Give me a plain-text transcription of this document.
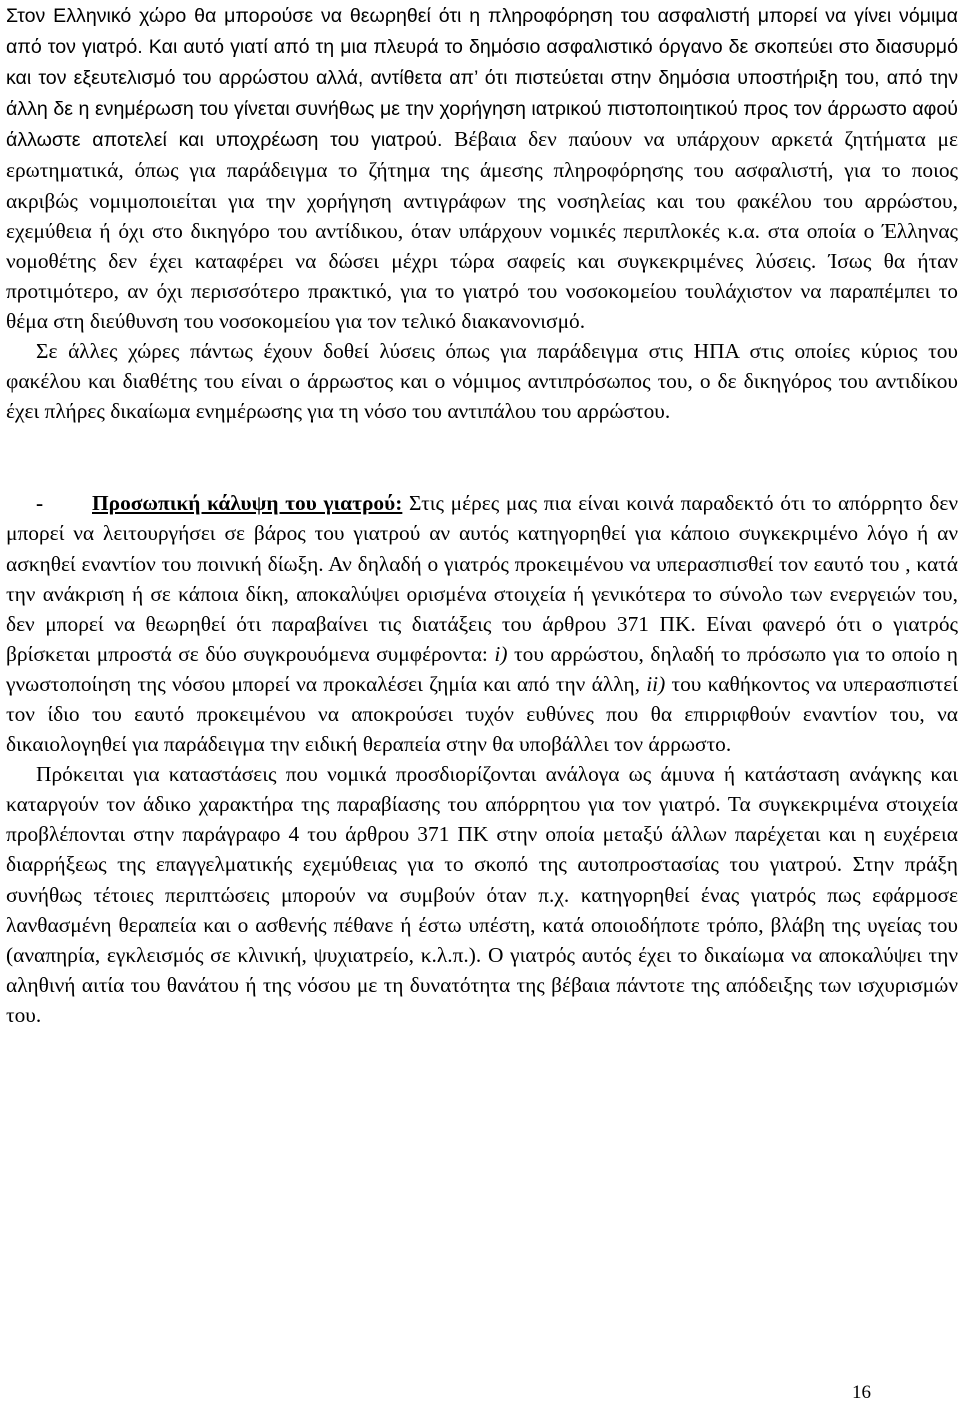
Στον Ελληνικό χώρο θα μπορούσε να θεωρηθεί ότι η πληροφόρηση του ασφαλιστή μπορεί να γίνει νόμιμα από τον γιατρό. Και αυτό γιατί από τη μια πλευρά το δημόσιο ασφαλιστικό όργανο δε σκοπεύει στο διασυρμό και τον εξευτελισμό του αρρώστου αλλά, αντίθετα απ’ ότι πιστεύεται στην δημόσια υποστήριξη του, από την άλλη δε η ενημέρωση του γίνεται συνήθως με την χορήγηση ιατρικού πιστοποιητικού προς τον άρρωστο αφού άλλωστε αποτελεί και υποχρέωση του γιατρού. Βέβαια δεν παύουν να υπάρχουν αρκετά ζητήματα με ερωτηματικά, όπως για παράδειγμα το ζήτημα της άμεσης πληροφόρησης του ασφαλιστή, για το ποιος ακριβώς νομιμοποιείται για την χορήγηση αντιγράφων της νοσηλείας και του φακέλου του αρρώστου, εχεμύθεια ή όχι στο δικηγόρο του αντίδικου, όταν υπάρχουν νομικές περιπλοκές κ.α. στα οποία ο Έλληνας νομοθέτης δεν έχει καταφέρει να δώσει μέχρι τώρα σαφείς και συγκεκριμένες λύσεις. Ίσως θα ήταν προτιμότερο, αν όχι περισσότερο πρακτικό, για το γιατρό του νοσοκομείου τουλάχιστον να παραπέμπει το θέμα στη διεύθυνση του νοσοκομείου για τον τελικό διακανονισμό.

Σε άλλες χώρες πάντως έχουν δοθεί λύσεις όπως για παράδειγμα στις ΗΠΑ στις οποίες κύριος του φακέλου και διαθέτης του είναι ο άρρωστος και ο νόμιμος αντιπρόσωπος του, ο δε δικηγόρος του αντιδίκου έχει πλήρες δικαίωμα ενημέρωσης για τη νόσο του αντιπάλου του αρρώστου.

- Προσωπική κάλυψη του γιατρού: Στις μέρες μας πια είναι κοινά παραδεκτό ότι το απόρρητο δεν μπορεί να λειτουργήσει σε βάρος του γιατρού αν αυτός κατηγορηθεί για κάποιο συγκεκριμένο λόγο ή αν ασκηθεί εναντίον του ποινική δίωξη. Αν δηλαδή ο γιατρός προκειμένου να υπερασπισθεί τον εαυτό του , κατά την ανάκριση ή σε κάποια δίκη, αποκαλύψει ορισμένα στοιχεία ή γενικότερα το σύνολο των ενεργειών του, δεν μπορεί να θεωρηθεί ότι παραβαίνει τις διατάξεις του άρθρου 371 ΠΚ. Είναι φανερό ότι ο γιατρός βρίσκεται μπροστά σε δύο συγκρουόμενα συμφέροντα: i) του αρρώστου, δηλαδή το πρόσωπο για το οποίο η γνωστοποίηση της νόσου μπορεί να προκαλέσει ζημία και από την άλλη, ii) του καθήκοντος να υπερασπιστεί τον ίδιο του εαυτό προκειμένου να αποκρούσει τυχόν ευθύνες που θα επιρριφθούν εναντίον του, να δικαιολογηθεί για παράδειγμα την ειδική θεραπεία στην θα υποβάλλει τον άρρωστο.

Πρόκειται για καταστάσεις που νομικά προσδιορίζονται ανάλογα ως άμυνα ή κατάσταση ανάγκης και καταργούν τον άδικο χαρακτήρα της παραβίασης του απόρρητου για τον γιατρό. Τα συγκεκριμένα στοιχεία προβλέπονται στην παράγραφο 4 του άρθρου 371 ΠΚ στην οποία μεταξύ άλλων παρέχεται και η ευχέρεια διαρρήξεως της επαγγελματικής εχεμύθειας για το σκοπό της αυτοπροστασίας του γιατρού. Στην πράξη συνήθως τέτοιες περιπτώσεις μπορούν να συμβούν όταν π.χ. κατηγορηθεί ένας γιατρός πως εφάρμοσε λανθασμένη θεραπεία και ο ασθενής πέθανε ή έστω υπέστη, κατά οποιοδήποτε τρόπο, βλάβη της υγείας του (αναπηρία, εγκλεισμός σε κλινική, ψυχιατρείο, κ.λ.π.). Ο γιατρός αυτός έχει το δικαίωμα να αποκαλύψει την αληθινή αιτία του θανάτου ή της νόσου με τη δυνατότητα της βέβαια πάντοτε της απόδειξης των ισχυρισμών του.

16
